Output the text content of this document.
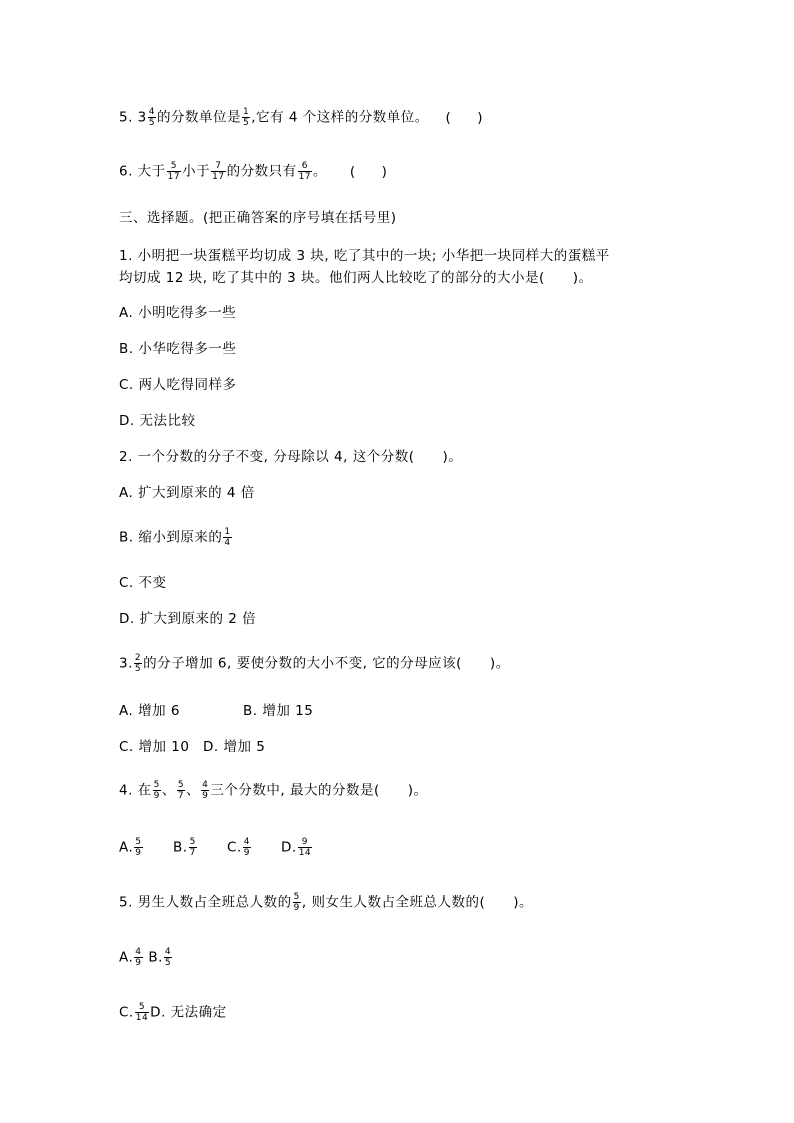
5. $3 \frac{4}{5}$ 的分数单位是 $\frac{1}{5}$ ,它有 4 个这样的分数单位。 ( )
6. 大于 $\frac{5}{17}$ 小于 $\frac{7}{17}$ 的分数只有 $\frac{6}{17}$ 。 ( )
三、选择题。(把正确答案的序号填在括号里)
1. 小明把一块蛋糕平均切成 3 块, 吃了其中的一块; 小华把一块同样大的蛋糕平
均切成 12 块, 吃了其中的 3 块。他们两人比较吃了的部分的大小是(　　)。
A. 小明吃得多一些
B. 小华吃得多一些
C. 两人吃得同样多
D. 无法比较
2. 一个分数的分子不变, 分母除以 4, 这个分数(　　)。
A. 扩大到原来的 4 倍
B. 缩小到原来的 $\frac{1}{4}$
C. 不变
D. 扩大到原来的 2 倍
3. $\frac{2}{5}$ 的分子增加 6, 要使分数的大小不变, 它的分母应该(　　)。
A. 增加 6	B. 增加 15
C. 增加 10 D. 增加 5
4. 在 $\frac{5}{9}$ 、 $\frac{5}{7}$ 、 $\frac{4}{9}$ 三个分数中, 最大的分数是(　　)。
A. $\frac{5}{9} B$. $\frac{5}{7} C$. $\frac{4}{9} D$. $\frac{9}{14}$
5. 男生人数占全班总人数的 $\frac{5}{9}$ , 则女生人数占全班总人数的(　　)。
A. $\frac{4}{9} B$. $\frac{4}{5}$
C. $\frac{5}{14} D$. 无法确定
